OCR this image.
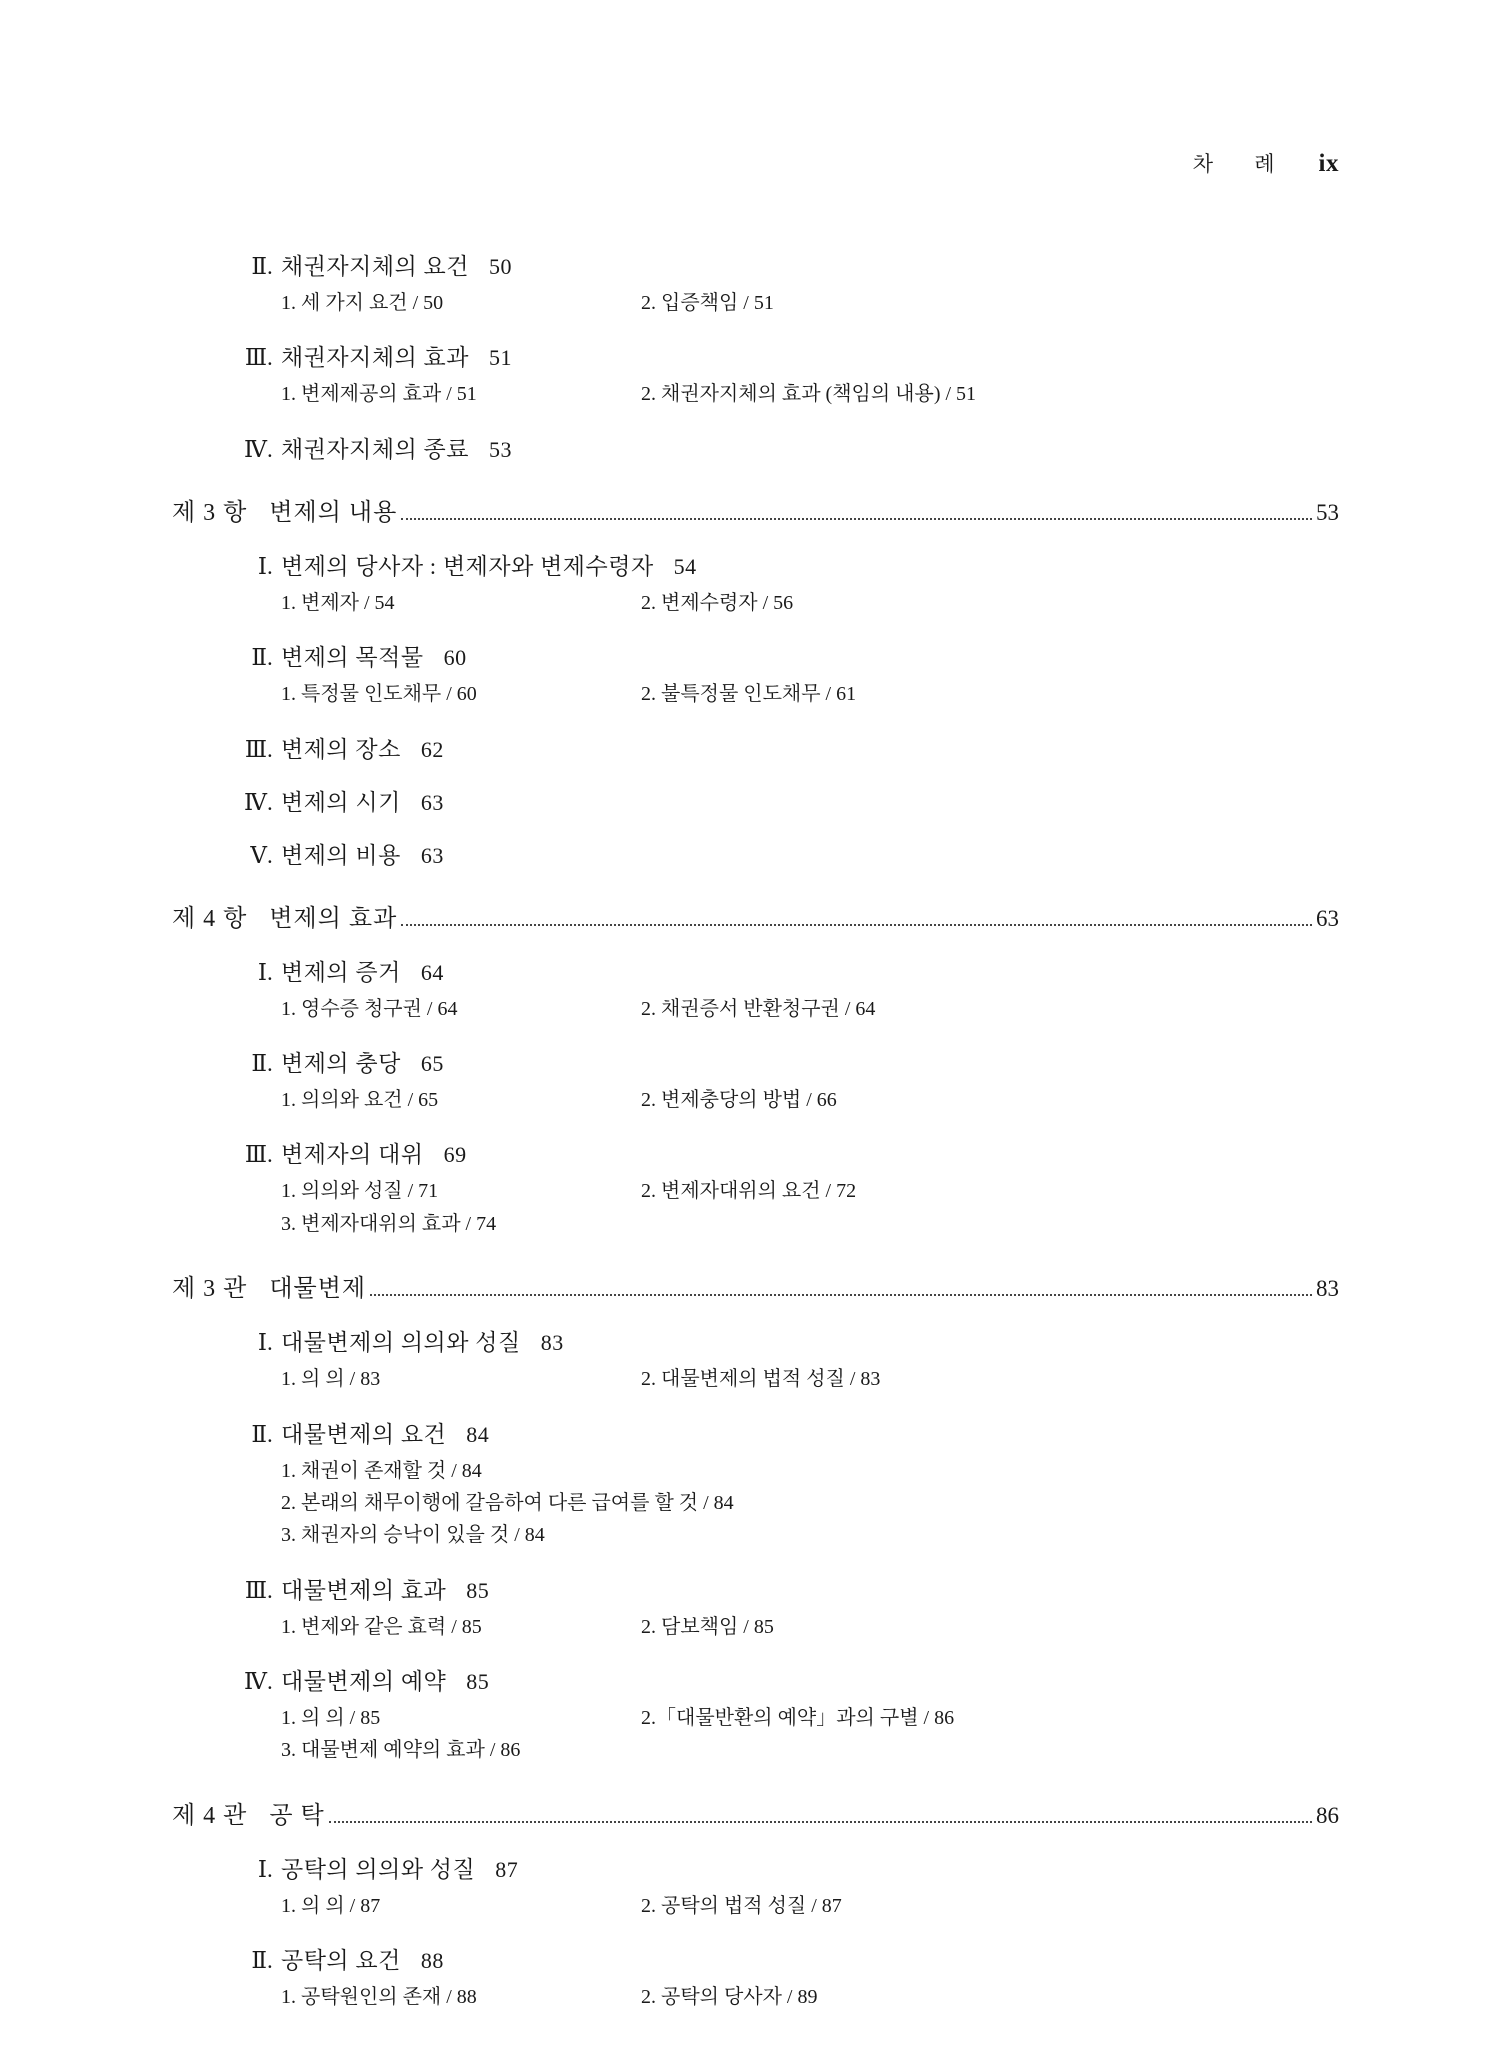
차 례 ix
Ⅱ . 채권자지체의 요건 50
1. 세 가지 요건 / 50	2. 입증책임 / 51
Ⅲ . 채권자지체의 효과 51
1. 변제제공의 효과 / 51	2. 채권자지체의 효과 (책임의 내용) / 51
Ⅳ . 채권자지체의 종료 53
제 3 항 변제의 내용	53
Ⅰ . 변제의 당사자 : 변제자와 변제수령자 54
1. 변제자 / 54	2. 변제수령자 / 56
Ⅱ . 변제의 목적물 60
1. 특정물 인도채무 / 60	2. 불특정물 인도채무 / 61
Ⅲ . 변제의 장소 62
Ⅳ . 변제의 시기 63
Ⅴ . 변제의 비용 63
제 4 항 변제의 효과	63
Ⅰ . 변제의 증거 64
1. 영수증 청구권 / 64	2. 채권증서 반환청구권 / 64
Ⅱ . 변제의 충당 65
1. 의의와 요건 / 65	2. 변제충당의 방법 / 66
Ⅲ . 변제자의 대위 69
1. 의의와 성질 / 71	2. 변제자대위의 요건 / 72
3. 변제자대위의 효과 / 74
제 3 관 대물변제	83
Ⅰ . 대물변제의 의의와 성질 83
1. 의 의 / 83	2. 대물변제의 법적 성질 / 83
Ⅱ . 대물변제의 요건 84
1. 채권이 존재할 것 / 84
2. 본래의 채무이행에 갈음하여 다른 급여를 할 것 / 84
3. 채권자의 승낙이 있을 것 / 84
Ⅲ . 대물변제의 효과 85
1. 변제와 같은 효력 / 85	2. 담보책임 / 85
Ⅳ . 대물변제의 예약 85
1. 의 의 / 85	2.「대물반환의 예약」과의 구별 / 86
3. 대물변제 예약의 효과 / 86
제 4 관 공 탁	86
Ⅰ . 공탁의 의의와 성질 87
1. 의 의 / 87	2. 공탁의 법적 성질 / 87
Ⅱ . 공탁의 요건 88
1. 공탁원인의 존재 / 88	2. 공탁의 당사자 / 89
